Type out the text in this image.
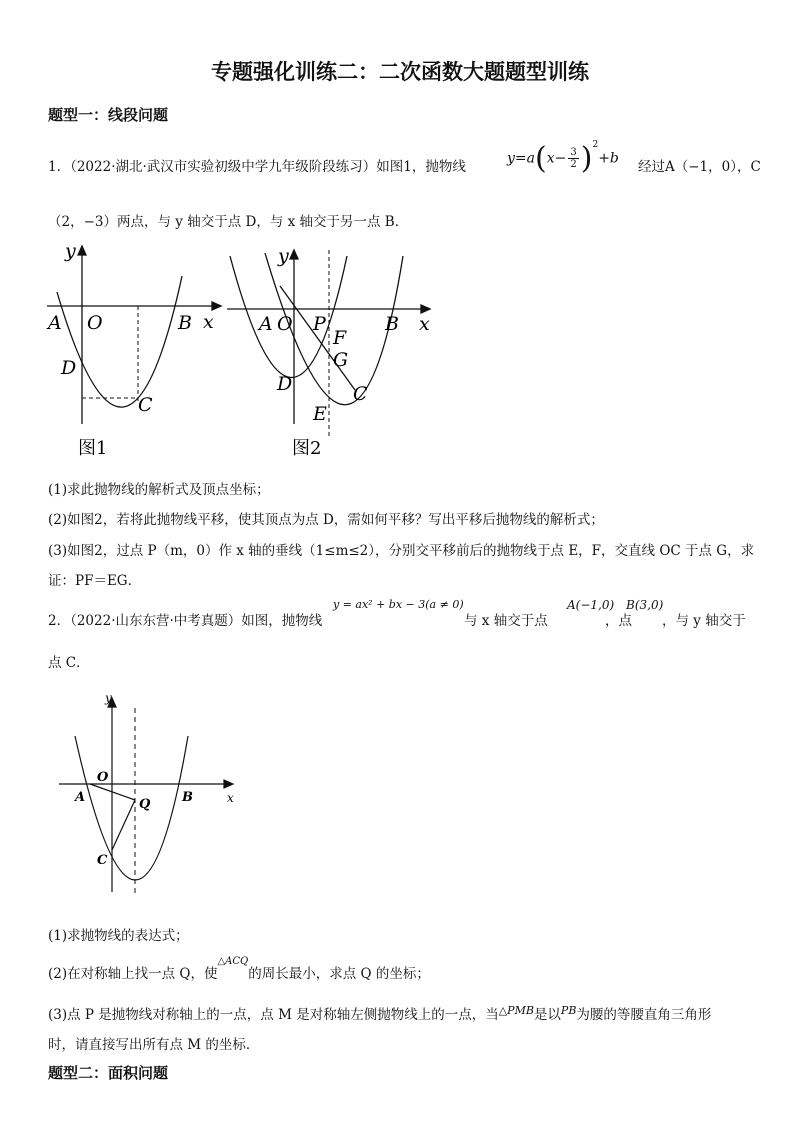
专题强化训练二：二次函数大题题型训练
题型一：线段问题
1．（2022·湖北·武汉市实验初级中学九年级阶段练习）如图1，抛物线
$y=a(x- \frac{3}{2} )^2+b$
经过A（−1，0），C
（2，−3）两点，与 y 轴交于点 D，与 x 轴交于另一点 B．
y
x
A O	B
D
C
图1
y
x
A O P	B
F
G
D	C
E
图2
(1)求此抛物线的解析式及顶点坐标；
(2)如图2，若将此抛物线平移，使其顶点为点 D，需如何平移？写出平移后抛物线的解析式；
(3)如图2，过点 P（m，0）作 x 轴的垂线（1≤m≤2），分别交平移前后的抛物线于点 E，F，交直线 OC 于点 G，求
证：PF＝EG．
2．（2022·山东东营·中考真题）如图，抛物线
y = ax² + bx − 3(a ≠ 0)
与 x 轴交于点
A(−1,0)
，点
B(3,0)
，与 y 轴交于
点 C．
y
x
O
A	Q B
C
(1)求抛物线的表达式；
(2)在对称轴上找一点 Q，使$^{\triangle ACQ}$的周长最小，求点 Q 的坐标；
(3)点 P 是抛物线对称轴上的一点，点 M 是对称轴左侧抛物线上的一点，当$^{\triangle PMB}$是以$^{PB}$为腰的等腰直角三角形
时，请直接写出所有点 M 的坐标．
题型二：面积问题
